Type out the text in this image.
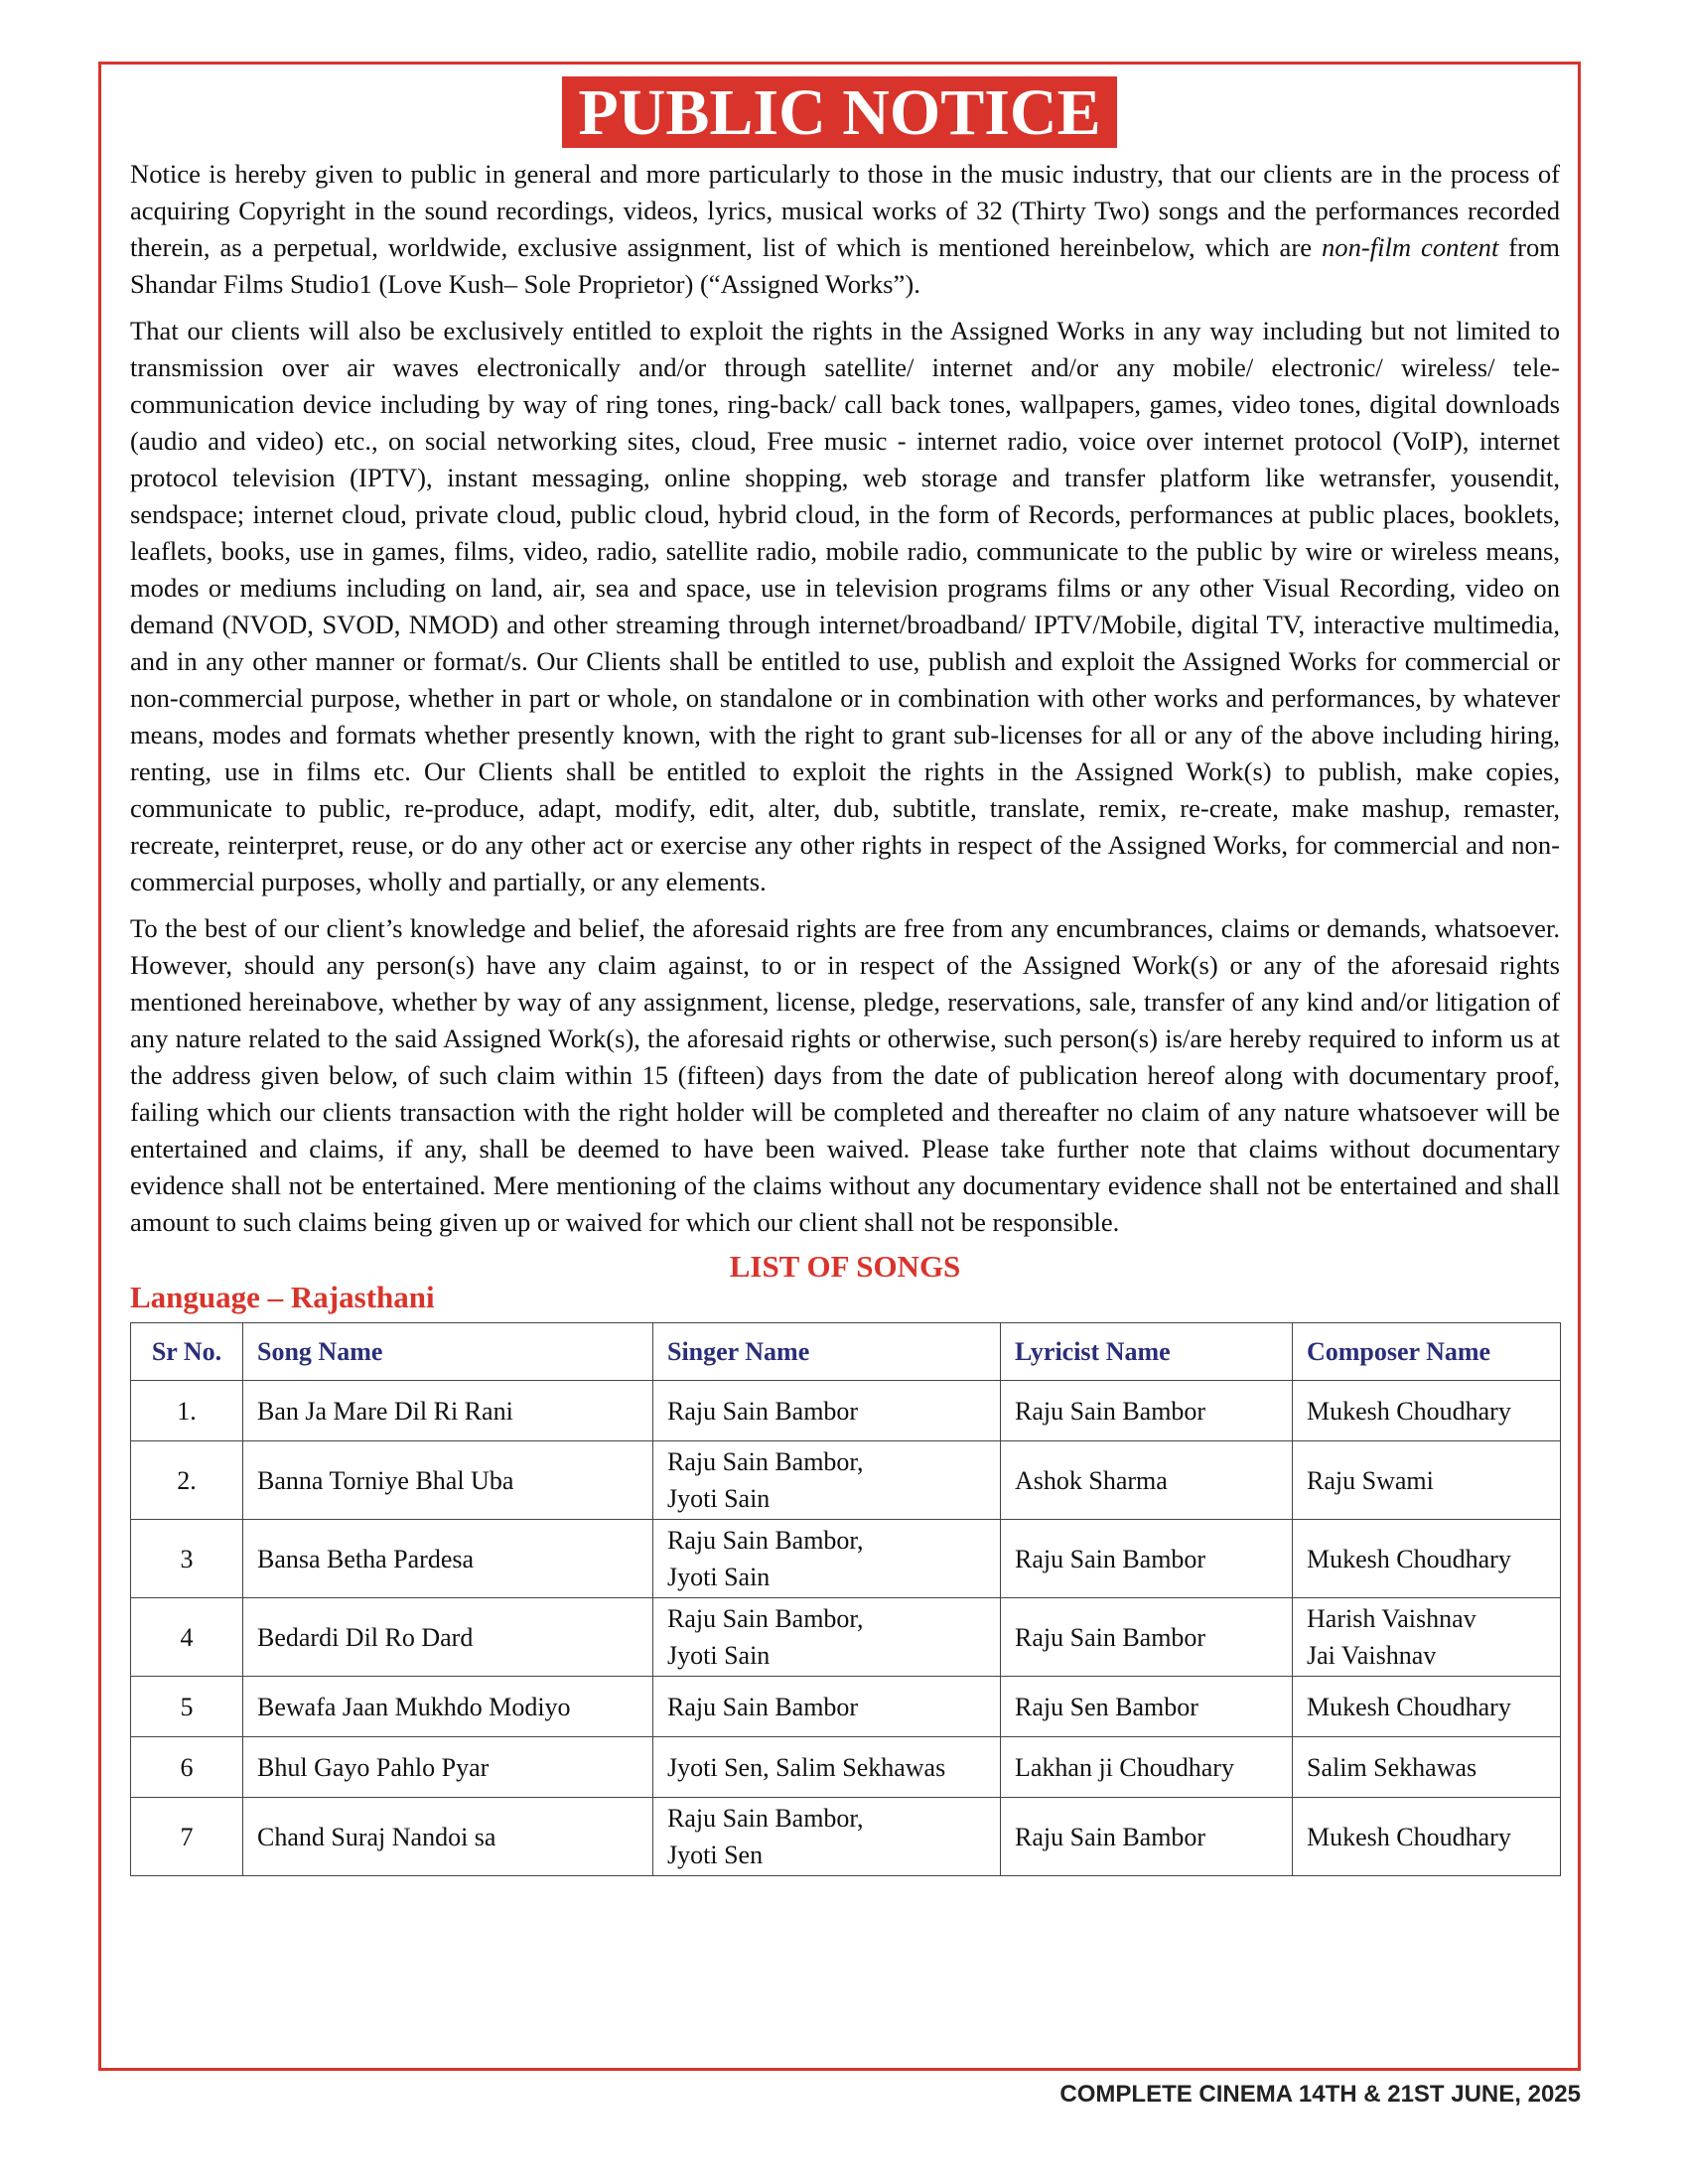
PUBLIC NOTICE

Notice is hereby given to public in general and more particularly to those in the music industry, that our clients are in the process of acquiring Copyright in the sound recordings, videos, lyrics, musical works of 32 (Thirty Two) songs and the performances recorded therein, as a perpetual, worldwide, exclusive assignment, list of which is mentioned hereinbelow, which are non-film content from Shandar Films Studio1 (Love Kush– Sole Proprietor) (“Assigned Works”).

That our clients will also be exclusively entitled to exploit the rights in the Assigned Works in any way including but not limited to transmission over air waves electronically and/or through satellite/ internet and/or any mobile/ electronic/ wireless/ tele-communication device including by way of ring tones, ring-back/ call back tones, wallpapers, games, video tones, digital downloads (audio and video) etc., on social networking sites, cloud, Free music - internet radio, voice over internet protocol (VoIP), internet protocol television (IPTV), instant messaging, online shopping, web storage and transfer platform like wetransfer, yousendit, sendspace; internet cloud, private cloud, public cloud, hybrid cloud, in the form of Records, performances at public places, booklets, leaflets, books, use in games, films, video, radio, satellite radio, mobile radio, communicate to the public by wire or wireless means, modes or mediums including on land, air, sea and space, use in television programs films or any other Visual Recording, video on demand (NVOD, SVOD, NMOD) and other streaming through internet/broadband/ IPTV/Mobile, digital TV, interactive multimedia, and in any other manner or format/s. Our Clients shall be entitled to use, publish and exploit the Assigned Works for commercial or non-commercial purpose, whether in part or whole, on standalone or in combination with other works and performances, by whatever means, modes and formats whether presently known, with the right to grant sub-licenses for all or any of the above including hiring, renting, use in films etc. Our Clients shall be entitled to exploit the rights in the Assigned Work(s) to publish, make copies, communicate to public, re-produce, adapt, modify, edit, alter, dub, subtitle, translate, remix, re-create, make mashup, remaster, recreate, reinterpret, reuse, or do any other act or exercise any other rights in respect of the Assigned Works, for commercial and non-commercial purposes, wholly and partially, or any elements.

To the best of our client’s knowledge and belief, the aforesaid rights are free from any encumbrances, claims or demands, whatsoever. However, should any person(s) have any claim against, to or in respect of the Assigned Work(s) or any of the aforesaid rights mentioned hereinabove, whether by way of any assignment, license, pledge, reservations, sale, transfer of any kind and/or litigation of any nature related to the said Assigned Work(s), the aforesaid rights or otherwise, such person(s) is/are hereby required to inform us at the address given below, of such claim within 15 (fifteen) days from the date of publication hereof along with documentary proof, failing which our clients transaction with the right holder will be completed and thereafter no claim of any nature whatsoever will be entertained and claims, if any, shall be deemed to have been waived. Please take further note that claims without documentary evidence shall not be entertained. Mere mentioning of the claims without any documentary evidence shall not be entertained and shall amount to such claims being given up or waived for which our client shall not be responsible.

LIST OF SONGS
Language – Rajasthani
Sr No.	Song Name	Singer Name	Lyricist Name	Composer Name
1.	Ban Ja Mare Dil Ri Rani	Raju Sain Bambor	Raju Sain Bambor	Mukesh Choudhary

2.	Banna Torniye Bhal Uba	Raju Sain Bambor,
Jyoti Sain	Ashok Sharma	Raju Swami

3	Bansa Betha Pardesa	Raju Sain Bambor,
Jyoti Sain	Raju Sain Bambor	Mukesh Choudhary

4	Bedardi Dil Ro Dard	Raju Sain Bambor,
Jyoti Sain	Raju Sain Bambor	Harish Vaishnav
Jai Vaishnav

5	Bewafa Jaan Mukhdo Modiyo	Raju Sain Bambor	Raju Sen Bambor	Mukesh Choudhary

6	Bhul Gayo Pahlo Pyar	Jyoti Sen, Salim Sekhawas	Lakhan ji Choudhary	Salim Sekhawas

7	Chand Suraj Nandoi sa	Raju Sain Bambor,
Jyoti Sen	Raju Sain Bambor	Mukesh Choudhary
COMPLETE CINEMA 14TH & 21ST JUNE, 2025
